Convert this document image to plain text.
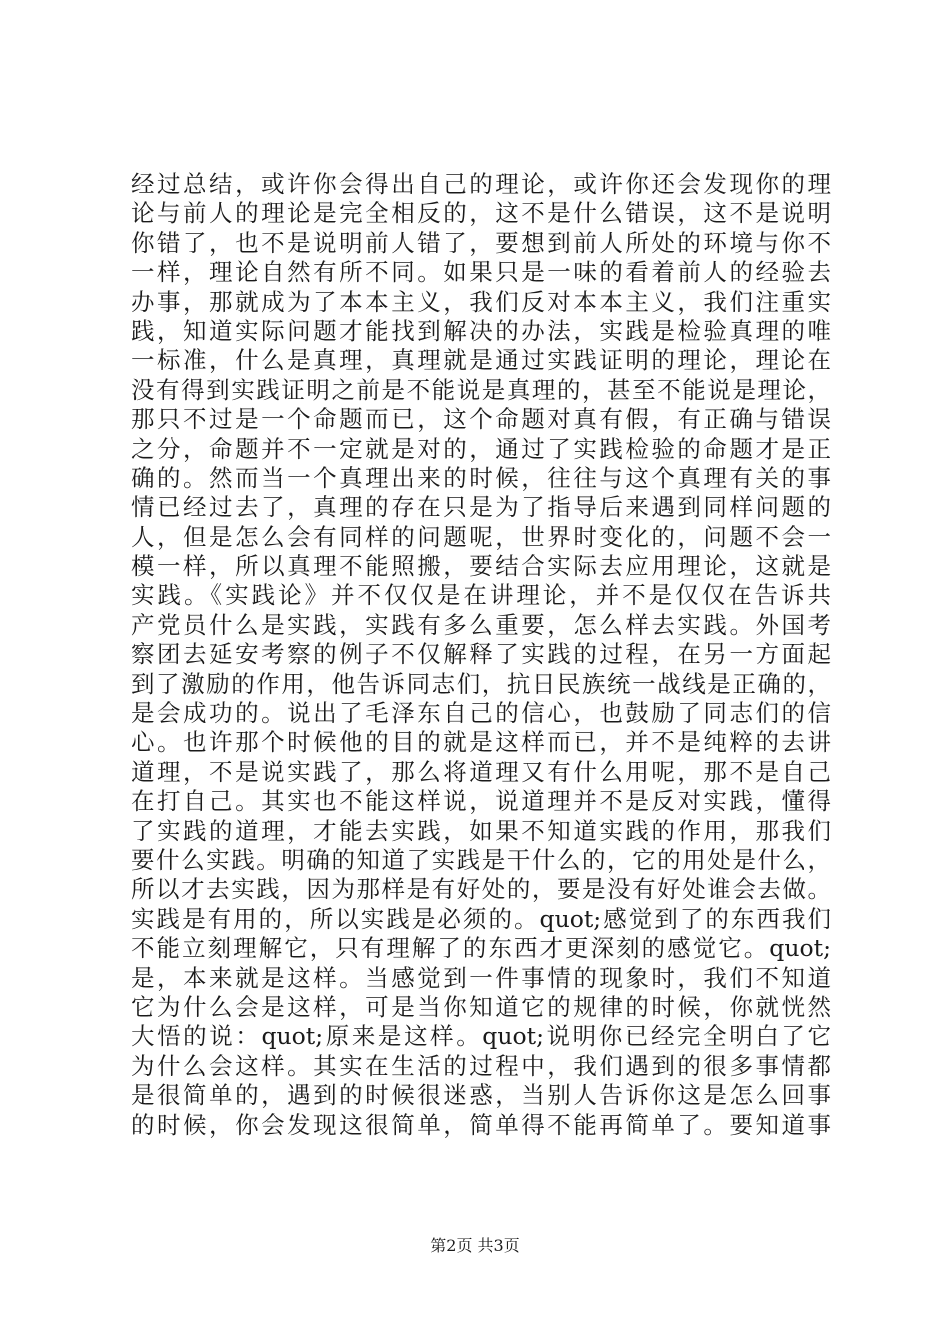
经过总结，或许你会得出自己的理论，或许你还会发现你的理
论与前人的理论是完全相反的，这不是什么错误，这不是说明
你错了，也不是说明前人错了，要想到前人所处的环境与你不
一样，理论自然有所不同。如果只是一味的看着前人的经验去
办事，那就成为了本本主义，我们反对本本主义，我们注重实
践，知道实际问题才能找到解决的办法，实践是检验真理的唯
一标准，什么是真理，真理就是通过实践证明的理论，理论在
没有得到实践证明之前是不能说是真理的，甚至不能说是理论，
那只不过是一个命题而已，这个命题对真有假，有正确与错误
之分，命题并不一定就是对的，通过了实践检验的命题才是正
确的。然而当一个真理出来的时候，往往与这个真理有关的事
情已经过去了，真理的存在只是为了指导后来遇到同样问题的
人，但是怎么会有同样的问题呢，世界时变化的，问题不会一
模一样，所以真理不能照搬，要结合实际去应用理论，这就是
实践。《实践论》并不仅仅是在讲理论，并不是仅仅在告诉共
产党员什么是实践，实践有多么重要，怎么样去实践。外国考
察团去延安考察的例子不仅解释了实践的过程，在另一方面起
到了激励的作用，他告诉同志们，抗日民族统一战线是正确的，
是会成功的。说出了毛泽东自己的信心，也鼓励了同志们的信
心。也许那个时候他的目的就是这样而已，并不是纯粹的去讲
道理，不是说实践了，那么将道理又有什么用呢，那不是自己
在打自己。其实也不能这样说，说道理并不是反对实践，懂得
了实践的道理，才能去实践，如果不知道实践的作用，那我们
要什么实践。明确的知道了实践是干什么的，它的用处是什么，
所以才去实践，因为那样是有好处的，要是没有好处谁会去做。
实践是有用的，所以实践是必须的。quot;感觉到了的东西我们
不能立刻理解它，只有理解了的东西才更深刻的感觉它。quot;
是，本来就是这样。当感觉到一件事情的现象时，我们不知道
它为什么会是这样，可是当你知道它的规律的时候，你就恍然
大悟的说：quot;原来是这样。quot;说明你已经完全明白了它
为什么会这样。其实在生活的过程中，我们遇到的很多事情都
是很简单的，遇到的时候很迷惑，当别人告诉你这是怎么回事
的时候，你会发现这很简单，简单得不能再简单了。要知道事
第2页 共3页
